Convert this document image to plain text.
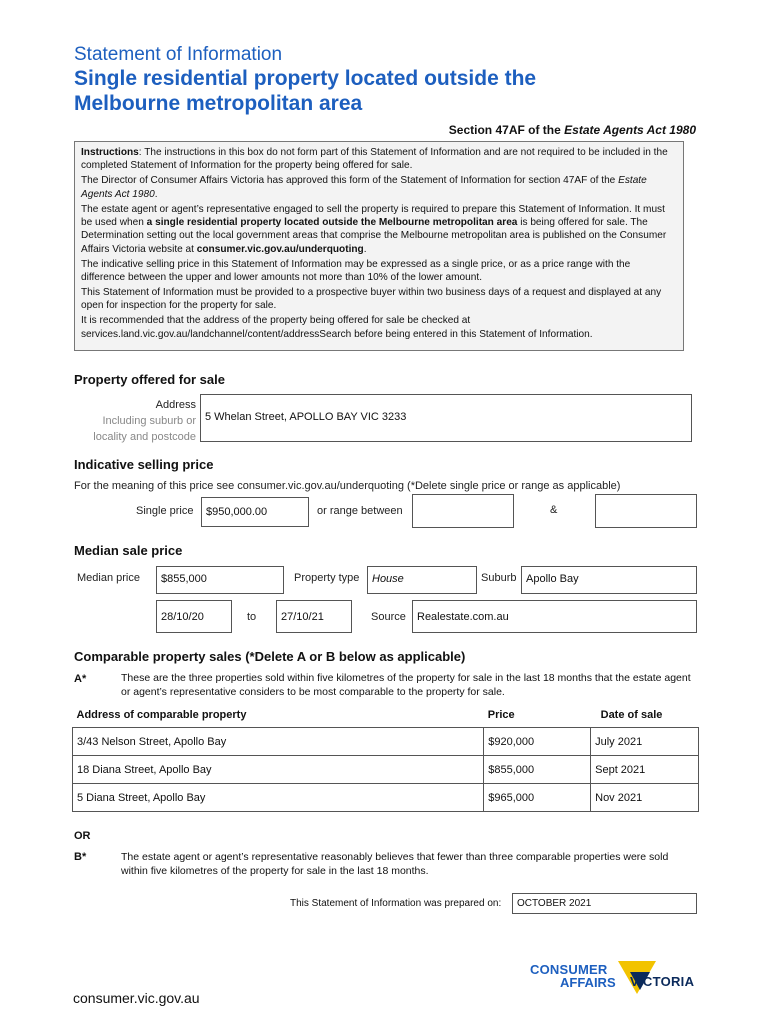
Statement of Information
Single residential property located outside the
Melbourne metropolitan area
Section 47AF of the Estate Agents Act 1980

Instructions: The instructions in this box do not form part of this Statement of Information and are not required to be included in the completed Statement of Information for the property being offered for sale.

The Director of Consumer Affairs Victoria has approved this form of the Statement of Information for section 47AF of the Estate Agents Act 1980.

The estate agent or agent’s representative engaged to sell the property is required to prepare this Statement of Information. It must be used when a single residential property located outside the Melbourne metropolitan area is being offered for sale. The Determination setting out the local government areas that comprise the Melbourne metropolitan area is published on the Consumer Affairs Victoria website at consumer.vic.gov.au/underquoting.

The indicative selling price in this Statement of Information may be expressed as a single price, or as a price range with the difference between the upper and lower amounts not more than 10% of the lower amount.

This Statement of Information must be provided to a prospective buyer within two business days of a request and displayed at any open for inspection for the property for sale.

It is recommended that the address of the property being offered for sale be checked at services.land.vic.gov.au/landchannel/content/addressSearch before being entered in this Statement of Information.

Property offered for sale
Address
Including suburb or
locality and postcode
5 Whelan Street, APOLLO BAY VIC 3233
Indicative selling price
For the meaning of this price see consumer.vic.gov.au/underquoting (*Delete single price or range as applicable)
Single price	$950,000.00	or range between	&
Median sale price
Median price	$855,000	Property type	House	Suburb Apollo Bay
28/10/20	to	27/10/21	Source	Realestate.com.au
Comparable property sales (*Delete A or B below as applicable)
A*	These are the three properties sold within five kilometres of the property for sale in the last 18 months that the estate agent or agent’s representative considers to be most comparable to the property for sale.
Address of comparable property	Price	Date of sale
3/43 Nelson Street, Apollo Bay	$920,000	July 2021
18 Diana Street, Apollo Bay	$855,000	Sept 2021
5 Diana Street, Apollo Bay	$965,000	Nov 2021
OR
B*	The estate agent or agent’s representative reasonably believes that fewer than three comparable properties were sold within five kilometres of the property for sale in the last 18 months.
This Statement of Information was prepared on:	OCTOBER 2021
consumer.vic.gov.au
CONSUMER
AFFAIRS VICTORIA
